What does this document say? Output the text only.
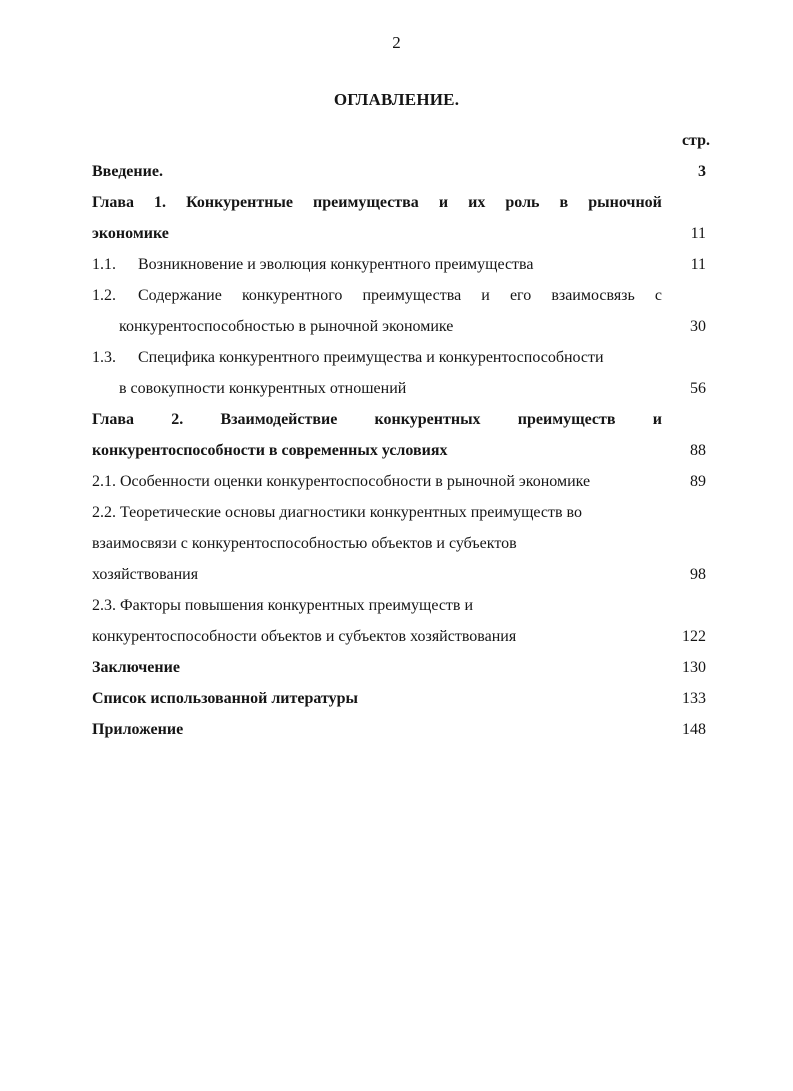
2
ОГЛАВЛЕНИЕ.
стр.
Введение.	3
Глава 1. Конкурентные преимущества и их роль в рыночной
экономике	11
1.1. Возникновение и эволюция конкурентного преимущества	11
1.2. Содержание конкурентного преимущества и его взаимосвязь с
конкурентоспособностью в рыночной экономике	30
1.3. Специфика конкурентного преимущества и конкурентоспособности
в совокупности конкурентных отношений	56
Глава 2. Взаимодействие конкурентных преимуществ и
конкурентоспособности в современных условиях	88
2.1. Особенности оценки конкурентоспособности в рыночной экономике	89
2.2. Теоретические основы диагностики конкурентных преимуществ во
взаимосвязи с конкурентоспособностью объектов и субъектов
хозяйствования	98
2.3. Факторы повышения конкурентных преимуществ и
конкурентоспособности объектов и субъектов хозяйствования	122
Заключение	130
Список использованной литературы	133
Приложение	148
